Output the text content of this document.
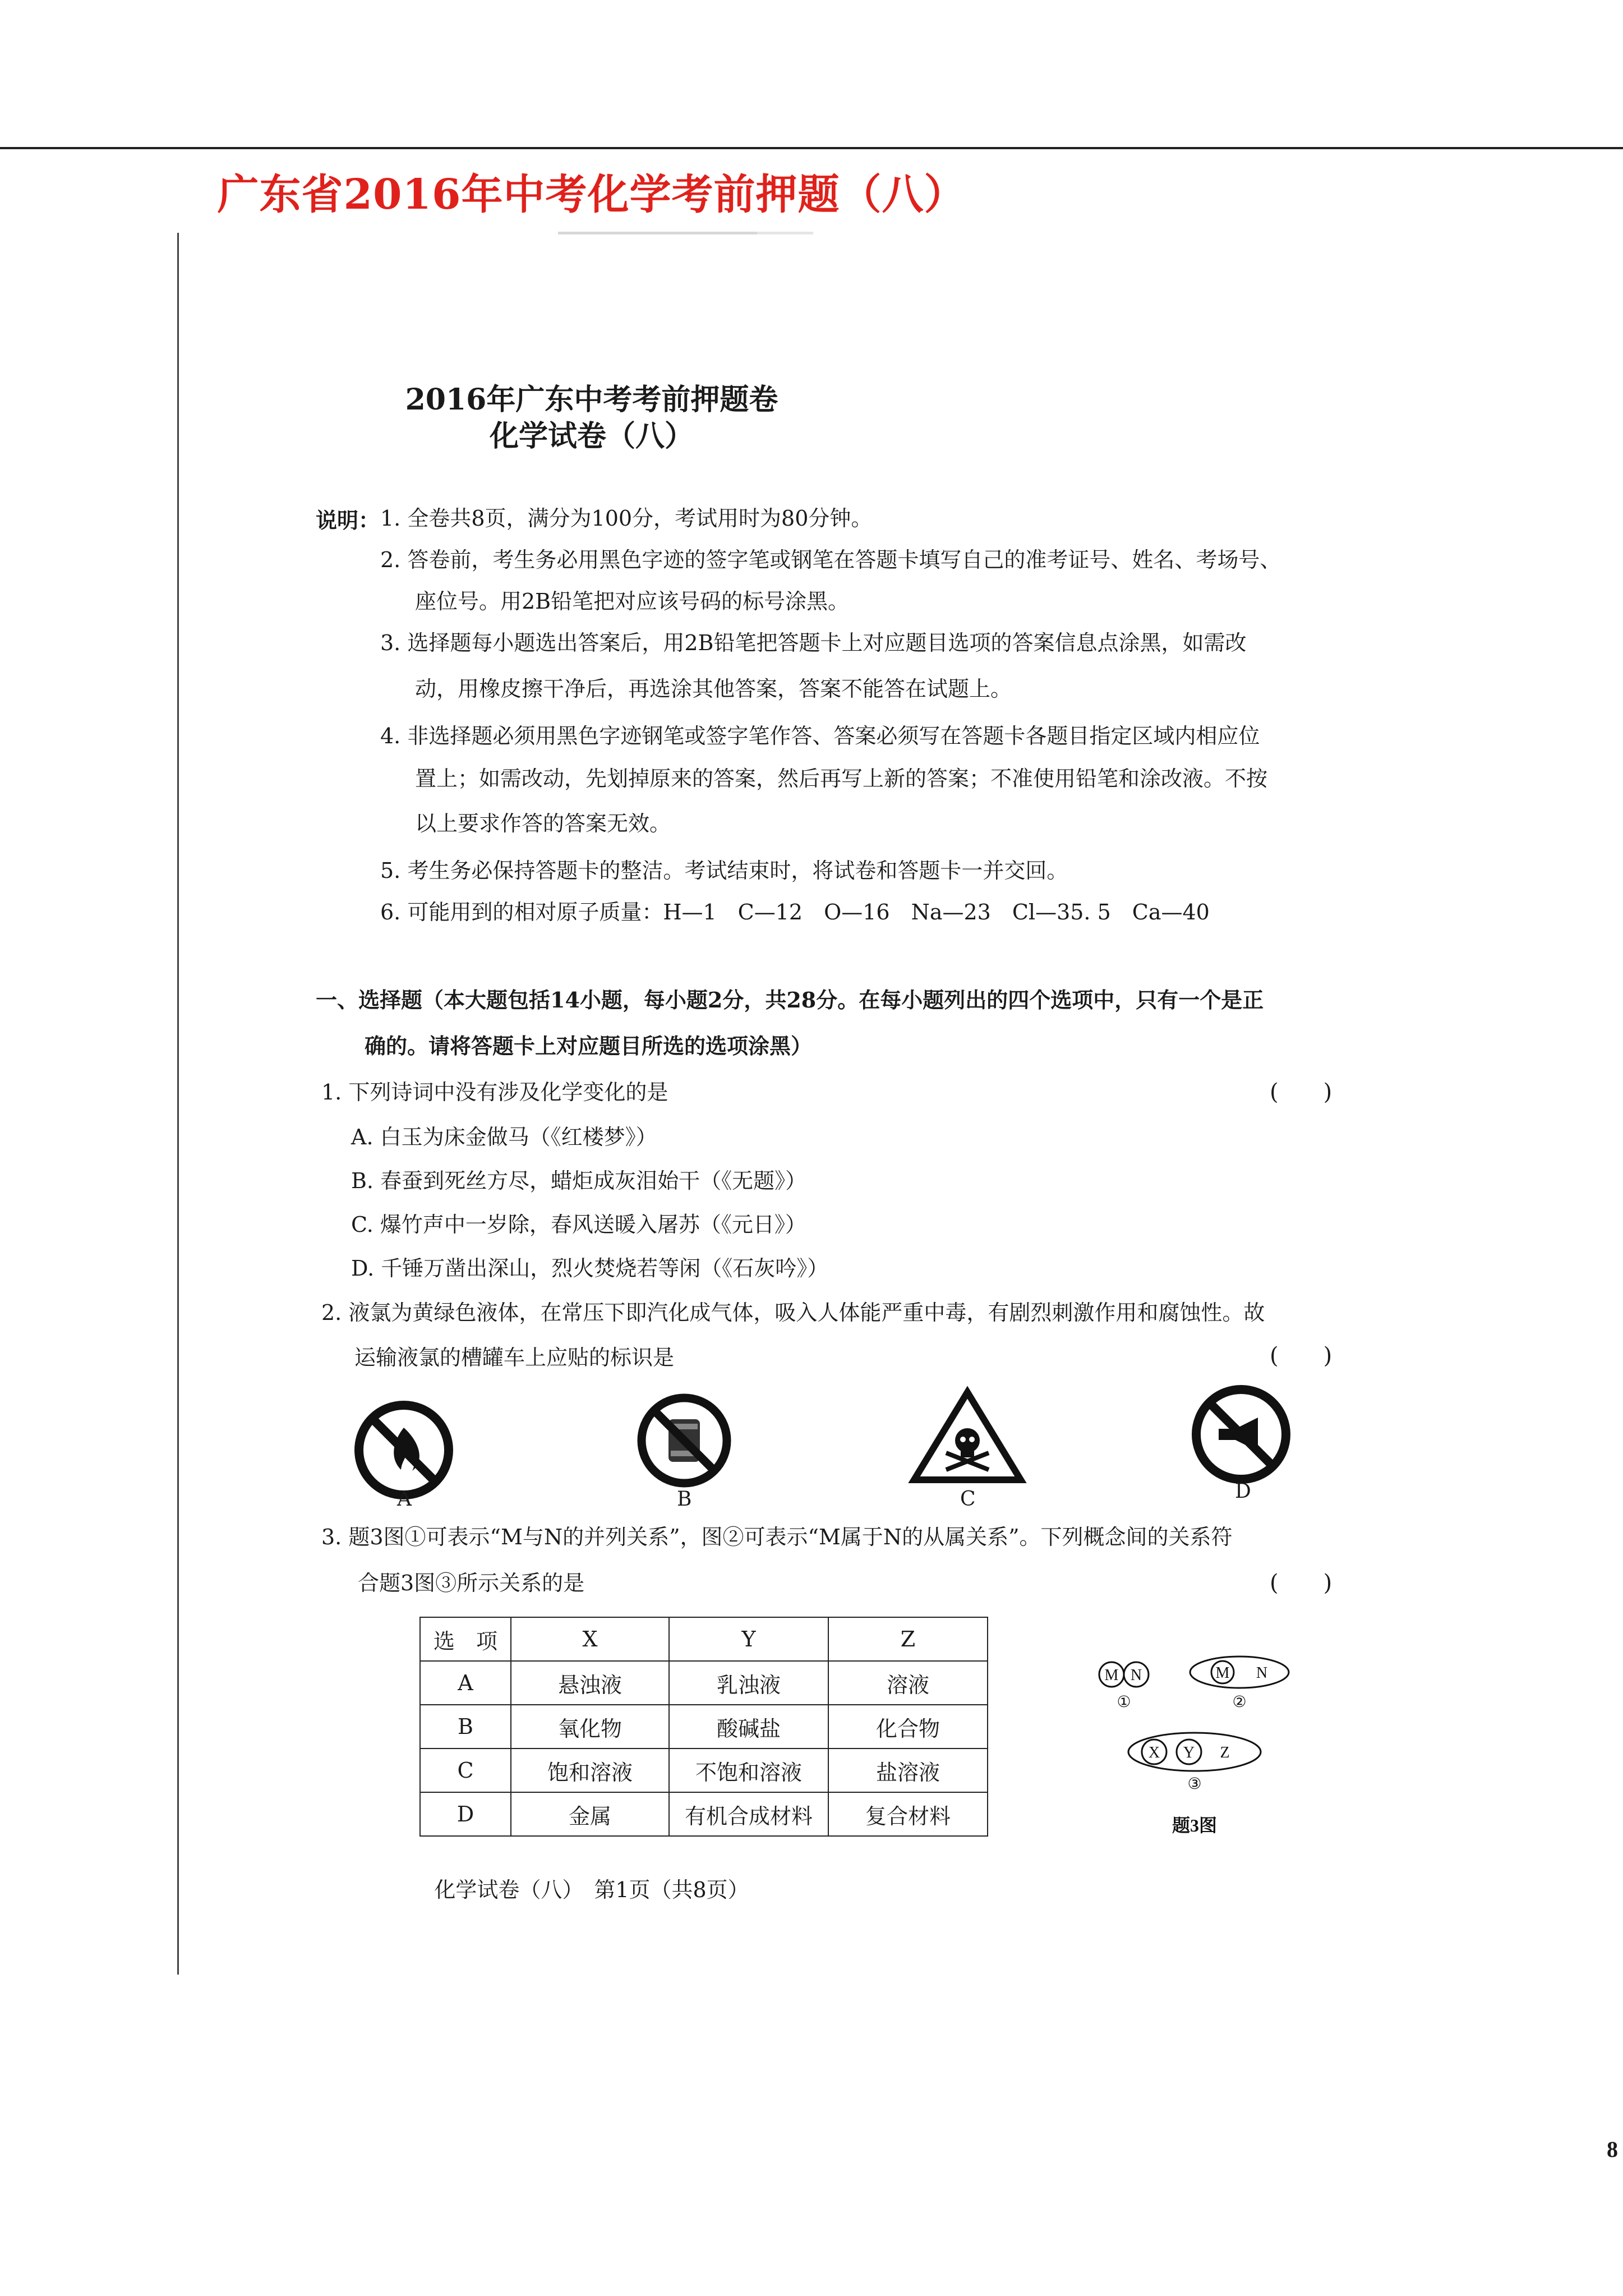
广东省2016年中考化学考前押题（八）
2016年广东中考考前押题卷
化学试卷（八）
说明： 1. 全卷共8页，满分为100分，考试用时为80分钟。
2. 答卷前，考生务必用黑色字迹的签字笔或钢笔在答题卡填写自己的准考证号、姓名、考场号、
座位号。用2B铅笔把对应该号码的标号涂黑。
3. 选择题每小题选出答案后，用2B铅笔把答题卡上对应题目选项的答案信息点涂黑，如需改
动，用橡皮擦干净后，再选涂其他答案，答案不能答在试题上。
4. 非选择题必须用黑色字迹钢笔或签字笔作答、答案必须写在答题卡各题目指定区域内相应位
置上；如需改动，先划掉原来的答案，然后再写上新的答案；不准使用铅笔和涂改液。不按
以上要求作答的答案无效。
5. 考生务必保持答题卡的整洁。考试结束时，将试卷和答题卡一并交回。
6. 可能用到的相对原子质量：H—1　C—12　O—16　Na—23　Cl—35. 5　Ca—40
一、选择题（本大题包括14小题，每小题2分，共28分。在每小题列出的四个选项中，只有一个是正
确的。请将答题卡上对应题目所选的选项涂黑）
1. 下列诗词中没有涉及化学变化的是	(　　)
A. 白玉为床金做马（《红楼梦》）
B. 春蚕到死丝方尽，蜡炬成灰泪始干（《无题》）
C. 爆竹声中一岁除，春风送暖入屠苏（《元日》）
D. 千锤万凿出深山，烈火焚烧若等闲（《石灰吟》）
2. 液氯为黄绿色液体，在常压下即汽化成气体，吸入人体能严重中毒，有剧烈刺激作用和腐蚀性。故
运输液氯的槽罐车上应贴的标识是	(　　)
A	B	C	D
3. 题3图①可表示“M与N的并列关系”，图②可表示“M属于N的从属关系”。下列概念间的关系符
合题3图③所示关系的是	(　　)
选　项	X	Y	Z
A	悬浊液	乳浊液	溶液
B	氧化物	酸碱盐	化合物
C	饱和溶液	不饱和溶液	盐溶液
D	金属	有机合成材料	复合材料
M N
①
M N
②
X Y Z
③
题3图
化学试卷（八）　第1页（共8页）
8
